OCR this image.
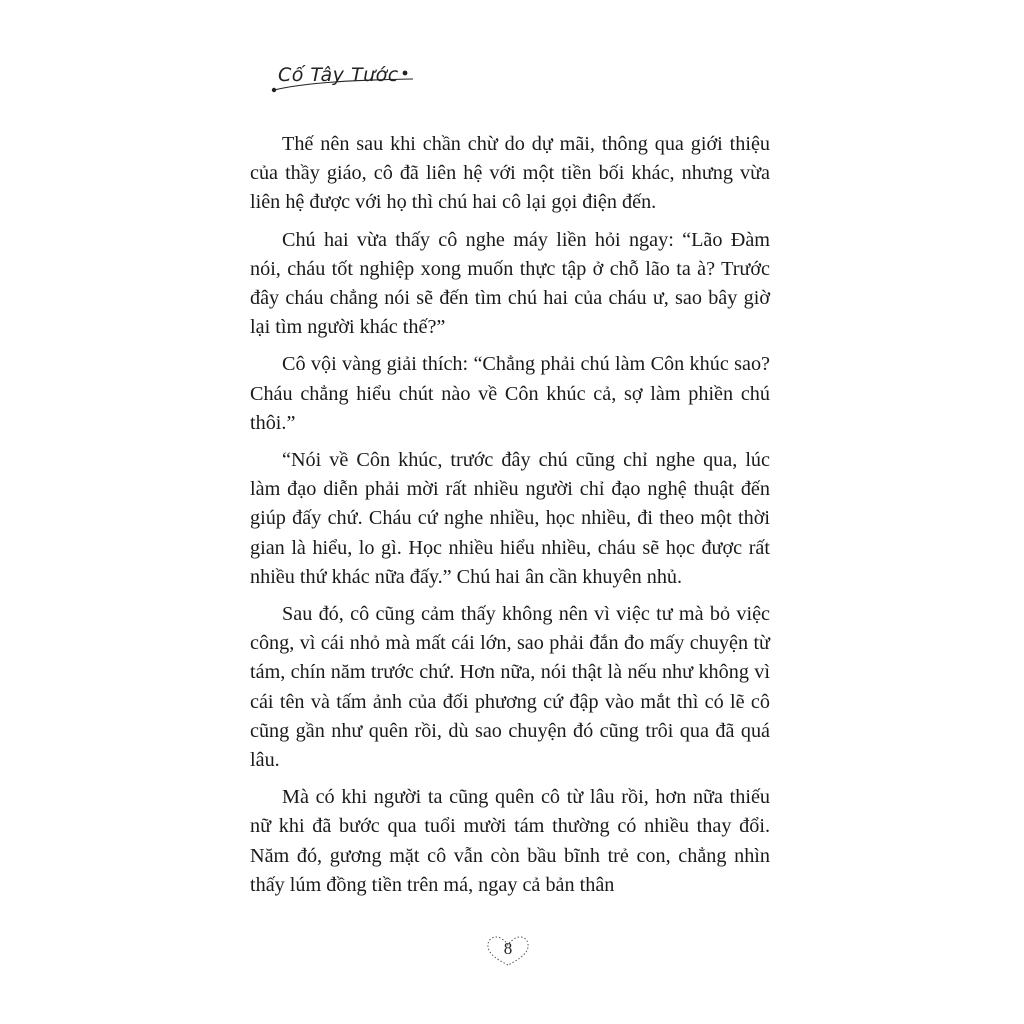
Cố Tây Tước

Thế nên sau khi chần chừ do dự mãi, thông qua giới thiệu của thầy giáo, cô đã liên hệ với một tiền bối khác, nhưng vừa liên hệ được với họ thì chú hai cô lại gọi điện đến.

Chú hai vừa thấy cô nghe máy liền hỏi ngay: “Lão Đàm nói, cháu tốt nghiệp xong muốn thực tập ở chỗ lão ta à? Trước đây cháu chẳng nói sẽ đến tìm chú hai của cháu ư, sao bây giờ lại tìm người khác thế?”

Cô vội vàng giải thích: “Chẳng phải chú làm Côn khúc sao? Cháu chẳng hiểu chút nào về Côn khúc cả, sợ làm phiền chú thôi.”

“Nói về Côn khúc, trước đây chú cũng chỉ nghe qua, lúc làm đạo diễn phải mời rất nhiều người chỉ đạo nghệ thuật đến giúp đấy chứ. Cháu cứ nghe nhiều, học nhiều, đi theo một thời gian là hiểu, lo gì. Học nhiều hiểu nhiều, cháu sẽ học được rất nhiều thứ khác nữa đấy.” Chú hai ân cần khuyên nhủ.

Sau đó, cô cũng cảm thấy không nên vì việc tư mà bỏ việc công, vì cái nhỏ mà mất cái lớn, sao phải đắn đo mấy chuyện từ tám, chín năm trước chứ. Hơn nữa, nói thật là nếu như không vì cái tên và tấm ảnh của đối phương cứ đập vào mắt thì có lẽ cô cũng gần như quên rồi, dù sao chuyện đó cũng trôi qua đã quá lâu.

Mà có khi người ta cũng quên cô từ lâu rồi, hơn nữa thiếu nữ khi đã bước qua tuổi mười tám thường có nhiều thay đổi. Năm đó, gương mặt cô vẫn còn bầu bĩnh trẻ con, chẳng nhìn thấy lúm đồng tiền trên má, ngay cả bản thân

8
